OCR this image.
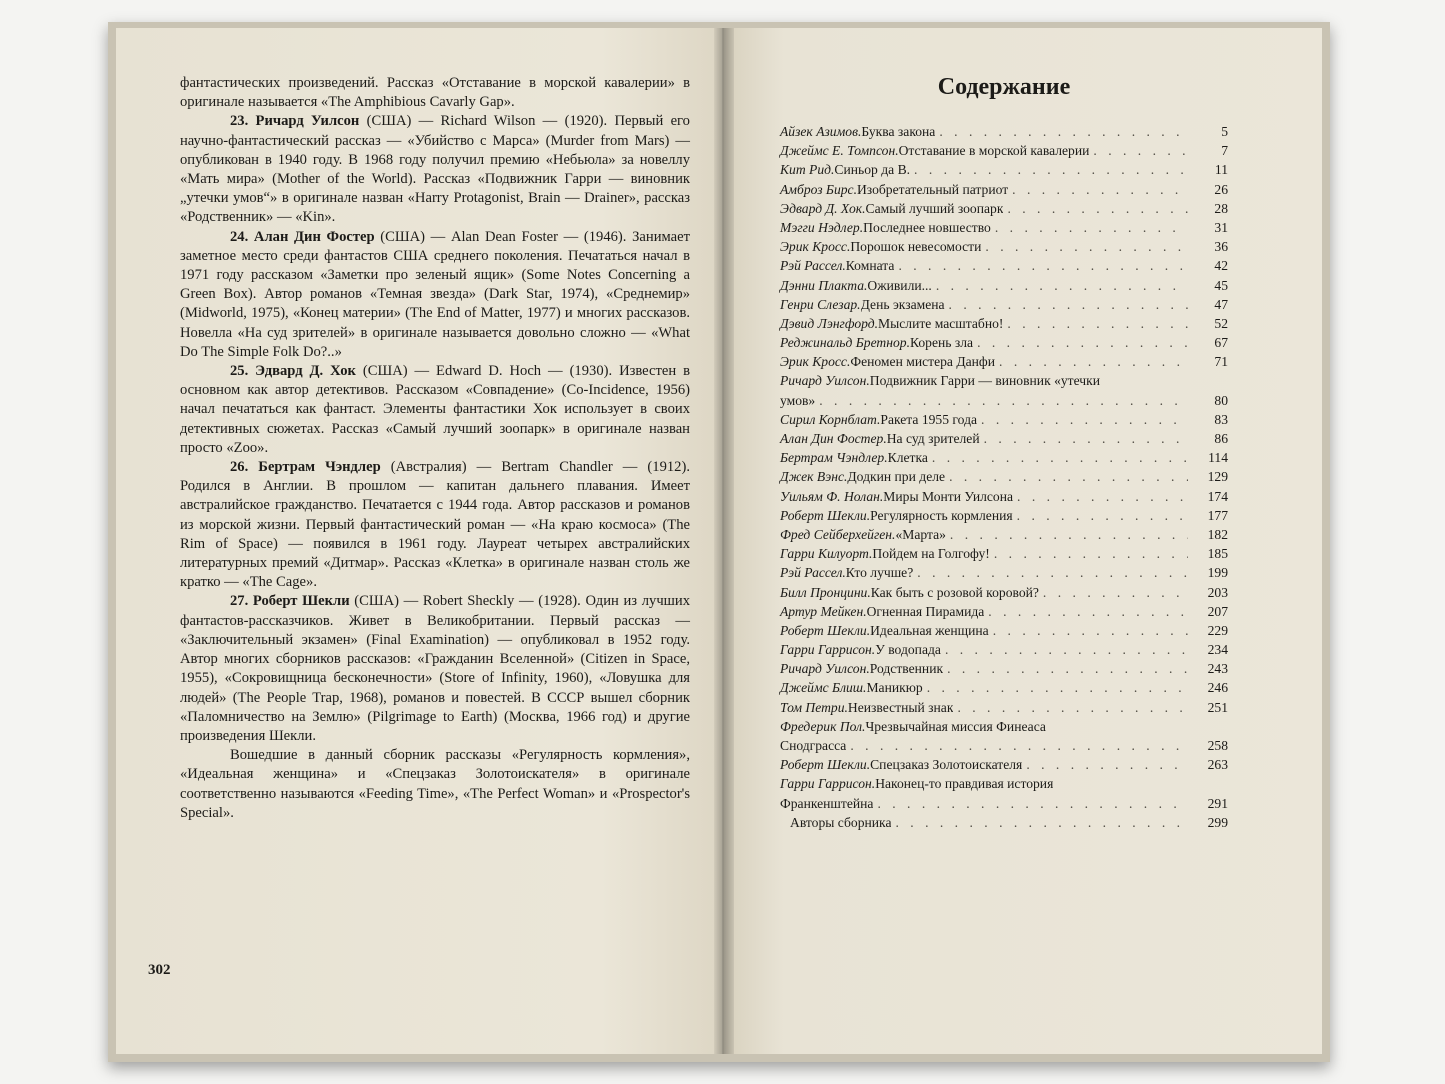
фантастических произведений. Рассказ «Отставание в морской кавалерии» в оригинале называется «The Amphibious Cavarly Gap».

23. Ричард Уилсон (США) — Richard Wilson — (1920). Первый его научно-фантастический рассказ — «Убийство с Марса» (Murder from Mars) — опубликован в 1940 году. В 1968 году получил премию «Небьюла» за новеллу «Мать мира» (Mother of the World). Рассказ «Подвижник Гарри — виновник „утечки умов“» в оригинале назван «Harry Protagonist, Brain — Drainer», рассказ «Родственник» — «Kin».

24. Алан Дин Фостер (США) — Alan Dean Foster — (1946). Занимает заметное место среди фантастов США среднего поколения. Печататься начал в 1971 году рассказом «Заметки про зеленый ящик» (Some Notes Concerning a Green Box). Автор романов «Темная звезда» (Dark Star, 1974), «Среднемир» (Midworld, 1975), «Конец материи» (The End of Matter, 1977) и многих рассказов. Новелла «На суд зрителей» в оригинале называется довольно сложно — «What Do The Simple Folk Do?..»

25. Эдвард Д. Хок (США) — Edward D. Hoch — (1930). Известен в основном как автор детективов. Рассказом «Совпадение» (Co-Incidence, 1956) начал печататься как фантаст. Элементы фантастики Хок использует в своих детективных сюжетах. Рассказ «Самый лучший зоопарк» в оригинале назван просто «Zoo».

26. Бертрам Чэндлер (Австралия) — Bertram Chandler — (1912). Родился в Англии. В прошлом — капитан дальнего плавания. Имеет австралийское гражданство. Печатается с 1944 года. Автор рассказов и романов из морской жизни. Первый фантастический роман — «На краю космоса» (The Rim of Space) — появился в 1961 году. Лауреат четырех австралийских литературных премий «Дитмар». Рассказ «Клетка» в оригинале назван столь же кратко — «The Cage».

27. Роберт Шекли (США) — Robert Sheckly — (1928). Один из лучших фантастов-рассказчиков. Живет в Великобритании. Первый рассказ — «Заключительный экзамен» (Final Examination) — опубликовал в 1952 году. Автор многих сборников рассказов: «Гражданин Вселенной» (Citizen in Space, 1955), «Сокровищница бесконечности» (Store of Infinity, 1960), «Ловушка для людей» (The People Trap, 1968), романов и повестей. В СССР вышел сборник «Паломничество на Землю» (Pilgrimage to Earth) (Москва, 1966 год) и другие произведения Шекли.

Вошедшие в данный сборник рассказы «Регулярность кормления», «Идеальная женщина» и «Спецзаказ Золотоискателя» в оригинале соответственно называются «Feeding Time», «The Perfect Woman» и «Prospector's Special».

302
Содержание
Айзек Азимов. Буква закона . . .	5
Джеймс Е. Томпсон. Отставание в морской кавалерии . . .	7
Кит Рид. Синьор да В. . . .	11
Амброз Бирс. Изобретательный патриот . . .	26
Эдвард Д. Хок. Самый лучший зоопарк . . .	28
Мэгги Нэдлер. Последнее новшество . . .	31
Эрик Кросс. Порошок невесомости . . .	36
Рэй Рассел. Комната . . .	42
Дэнни Плакта. Оживили... . . .	45
Генри Слезар. День экзамена . . .	47
Дэвид Лэнгфорд. Мыслите масштабно! . . .	52
Реджинальд Бретнор. Корень зла . . .	67
Эрик Кросс. Феномен мистера Данфи . . .	71
Ричард Уилсон. Подвижник Гарри — виновник «утечки
умов» . . .	80
Сирил Корнблат. Ракета 1955 года . . .	83
Алан Дин Фостер. На суд зрителей . . .	86
Бертрам Чэндлер. Клетка . . .	114
Джек Вэнс. Додкин при деле . . .	129
Уильям Ф. Нолан. Миры Монти Уилсона . . .	174
Роберт Шекли. Регулярность кормления . . .	177
Фред Сейберхейген. «Марта» . . .	182
Гарри Килуорт. Пойдем на Голгофу! . . .	185
Рэй Рассел. Кто лучше? . . .	199
Билл Пронцини. Как быть с розовой коровой? . . .	203
Артур Мейкен. Огненная Пирамида . . .	207
Роберт Шекли. Идеальная женщина . . .	229
Гарри Гаррисон. У водопада . . .	234
Ричард Уилсон. Родственник . . .	243
Джеймс Блиш. Маникюр . . .	246
Том Петри. Неизвестный знак . . .	251
Фредерик Пол. Чрезвычайная миссия Финеаса
Снодграсса . . .	258
Роберт Шекли. Спецзаказ Золотоискателя . . .	263
Гарри Гаррисон. Наконец-то правдивая история
Франкенштейна . . .	291
Авторы сборника . . .	299
